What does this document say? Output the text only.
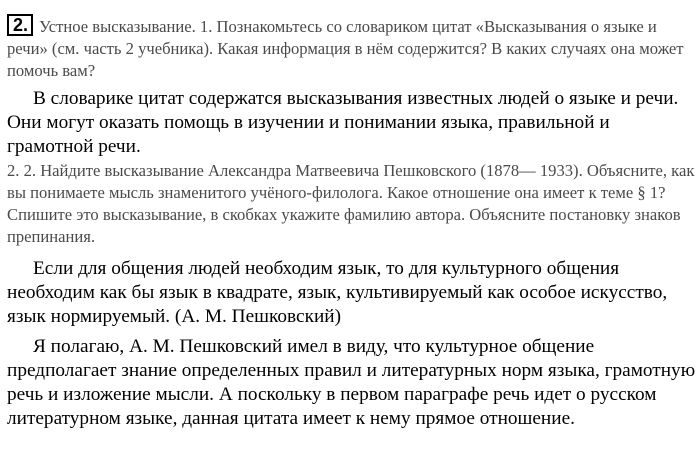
2. Устное высказывание. 1. Познакомьтесь со словариком цитат «Высказывания о языке и речи» (см. часть 2 учебника). Какая информация в нём содержится? В каких случаях она может помочь вам?

В словарике цитат содержатся высказывания известных людей о языке и речи. Они могут оказать помощь в изучении и понимании языка, правильной и грамотной речи.

2. 2. Найдите высказывание Александра Матвеевича Пешковского (1878— 1933). Объясните, как вы понимаете мысль знаменитого учёного-филолога. Какое отношение она имеет к теме § 1? Спишите это высказывание, в скобках укажите фамилию автора. Объясните постановку знаков препинания.

Если для общения людей необходим язык, то для культурного общения необходим как бы язык в квадрате, язык, культивируемый как особое искусство, язык нормируемый. (А. М. Пешковский)

Я полагаю, А. М. Пешковский имел в виду, что культурное общение предполагает знание определенных правил и литературных норм языка, грамотную речь и изложение мысли. А поскольку в первом параграфе речь идет о русском литературном языке, данная цитата имеет к нему прямое отношение.
